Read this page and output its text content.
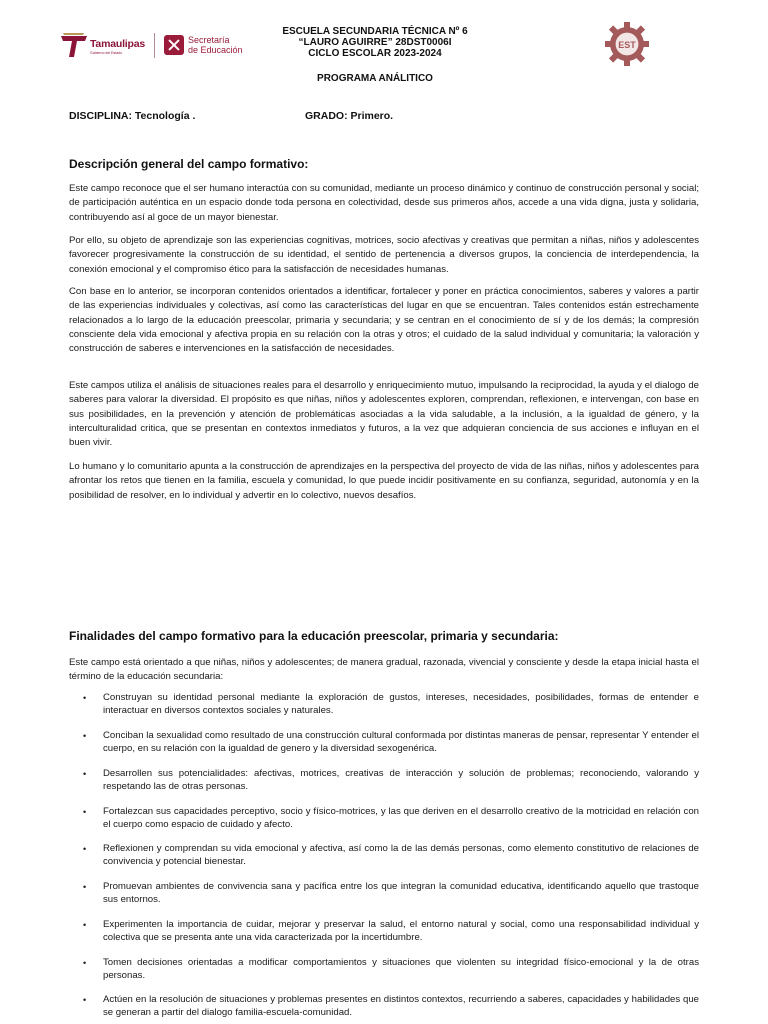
Tamaulipas
Gobierno del Estado
Secretaría
de Educación
ESCUELA SECUNDARIA TÉCNICA Nº 6
“LAURO AGUIRRE” 28DST0006I
CICLO ESCOLAR 2023-2024
PROGRAMA ANÁLITICO
EST
DISCIPLINA: Tecnología .	GRADO: Primero.
Descripción general del campo formativo:

Este campo reconoce que el ser humano interactúa con su comunidad, mediante un proceso dinámico y continuo de construcción personal y social; de participación auténtica en un espacio donde toda persona en colectividad, desde sus primeros años, accede a una vida digna, justa y solidaria, contribuyendo así al goce de un mayor bienestar.

Por ello, su objeto de aprendizaje son las experiencias cognitivas, motrices, socio afectivas y creativas que permitan a niñas, niños y adolescentes favorecer progresivamente la construcción de su identidad, el sentido de pertenencia a diversos grupos, la conciencia de interdependencia, la conexión emocional y el compromiso ético para la satisfacción de necesidades humanas.

Con base en lo anterior, se incorporan contenidos orientados a identificar, fortalecer y poner en práctica conocimientos, saberes y valores a partir de las experiencias individuales y colectivas, así como las características del lugar en que se encuentran. Tales contenidos están estrechamente relacionados a lo largo de la educación preescolar, primaria y secundaria; y se centran en el conocimiento de sí y de los demás; la compresión consciente dela vida emocional y afectiva propia en su relación con la otras y otros; el cuidado de la salud individual y comunitaria; la valoración y construcción de saberes e intervenciones en la satisfacción de necesidades.

Este campos utiliza el análisis de situaciones reales para el desarrollo y enriquecimiento mutuo, impulsando la reciprocidad, la ayuda y el dialogo de saberes para valorar la diversidad. El propósito es que niñas, niños y adolescentes exploren, comprendan, reflexionen, e intervengan, con base en sus posibilidades, en la prevención y atención de problemáticas asociadas a la vida saludable, a la inclusión, a la igualdad de género, y la interculturalidad critica, que se presentan en contextos inmediatos y futuros, a la vez que adquieran conciencia de sus acciones e influyan en el buen vivir.

Lo humano y lo comunitario apunta a la construcción de aprendizajes en la perspectiva del proyecto de vida de las niñas, niños y adolescentes para afrontar los retos que tienen en la familia, escuela y comunidad, lo que puede incidir positivamente en su confianza, seguridad, autonomía y en la posibilidad de resolver, en lo individual y advertir en lo colectivo, nuevos desafíos.

Finalidades del campo formativo para la educación preescolar, primaria y secundaria:

Este campo está orientado a que niñas, niños y adolescentes; de manera gradual, razonada, vivencial y consciente y desde la etapa inicial hasta el término de la educación secundaria:

• Construyan su identidad personal mediante la exploración de gustos, intereses, necesidades, posibilidades, formas de entender e interactuar en diversos contextos sociales y naturales.
• Conciban la sexualidad como resultado de una construcción cultural conformada por distintas maneras de pensar, representar Y entender el cuerpo, en su relación con la igualdad de genero y la diversidad sexogenérica.
• Desarrollen sus potencialidades: afectivas, motrices, creativas de interacción y solución de problemas; reconociendo, valorando y respetando las de otras personas.
• Fortalezcan sus capacidades perceptivo, socio y físico-motrices, y las que deriven en el desarrollo creativo de la motricidad en relación con el cuerpo como espacio de cuidado y afecto.
• Reflexionen y comprendan su vida emocional y afectiva, así como la de las demás personas, como elemento constitutivo de relaciones de convivencia y potencial bienestar.
• Promuevan ambientes de convivencia sana y pacífica entre los que integran la comunidad educativa, identificando aquello que trastoque sus entornos.
• Experimenten la importancia de cuidar, mejorar y preservar la salud, el entorno natural y social, como una responsabilidad individual y colectiva que se presenta ante una vida caracterizada por la incertidumbre.
• Tomen decisiones orientadas a modificar comportamientos y situaciones que violenten su integridad físico-emocional y la de otras personas.
• Actúen en la resolución de situaciones y problemas presentes en distintos contextos, recurriendo a saberes, capacidades y habilidades que se generan a partir del dialogo familia-escuela-comunidad.
